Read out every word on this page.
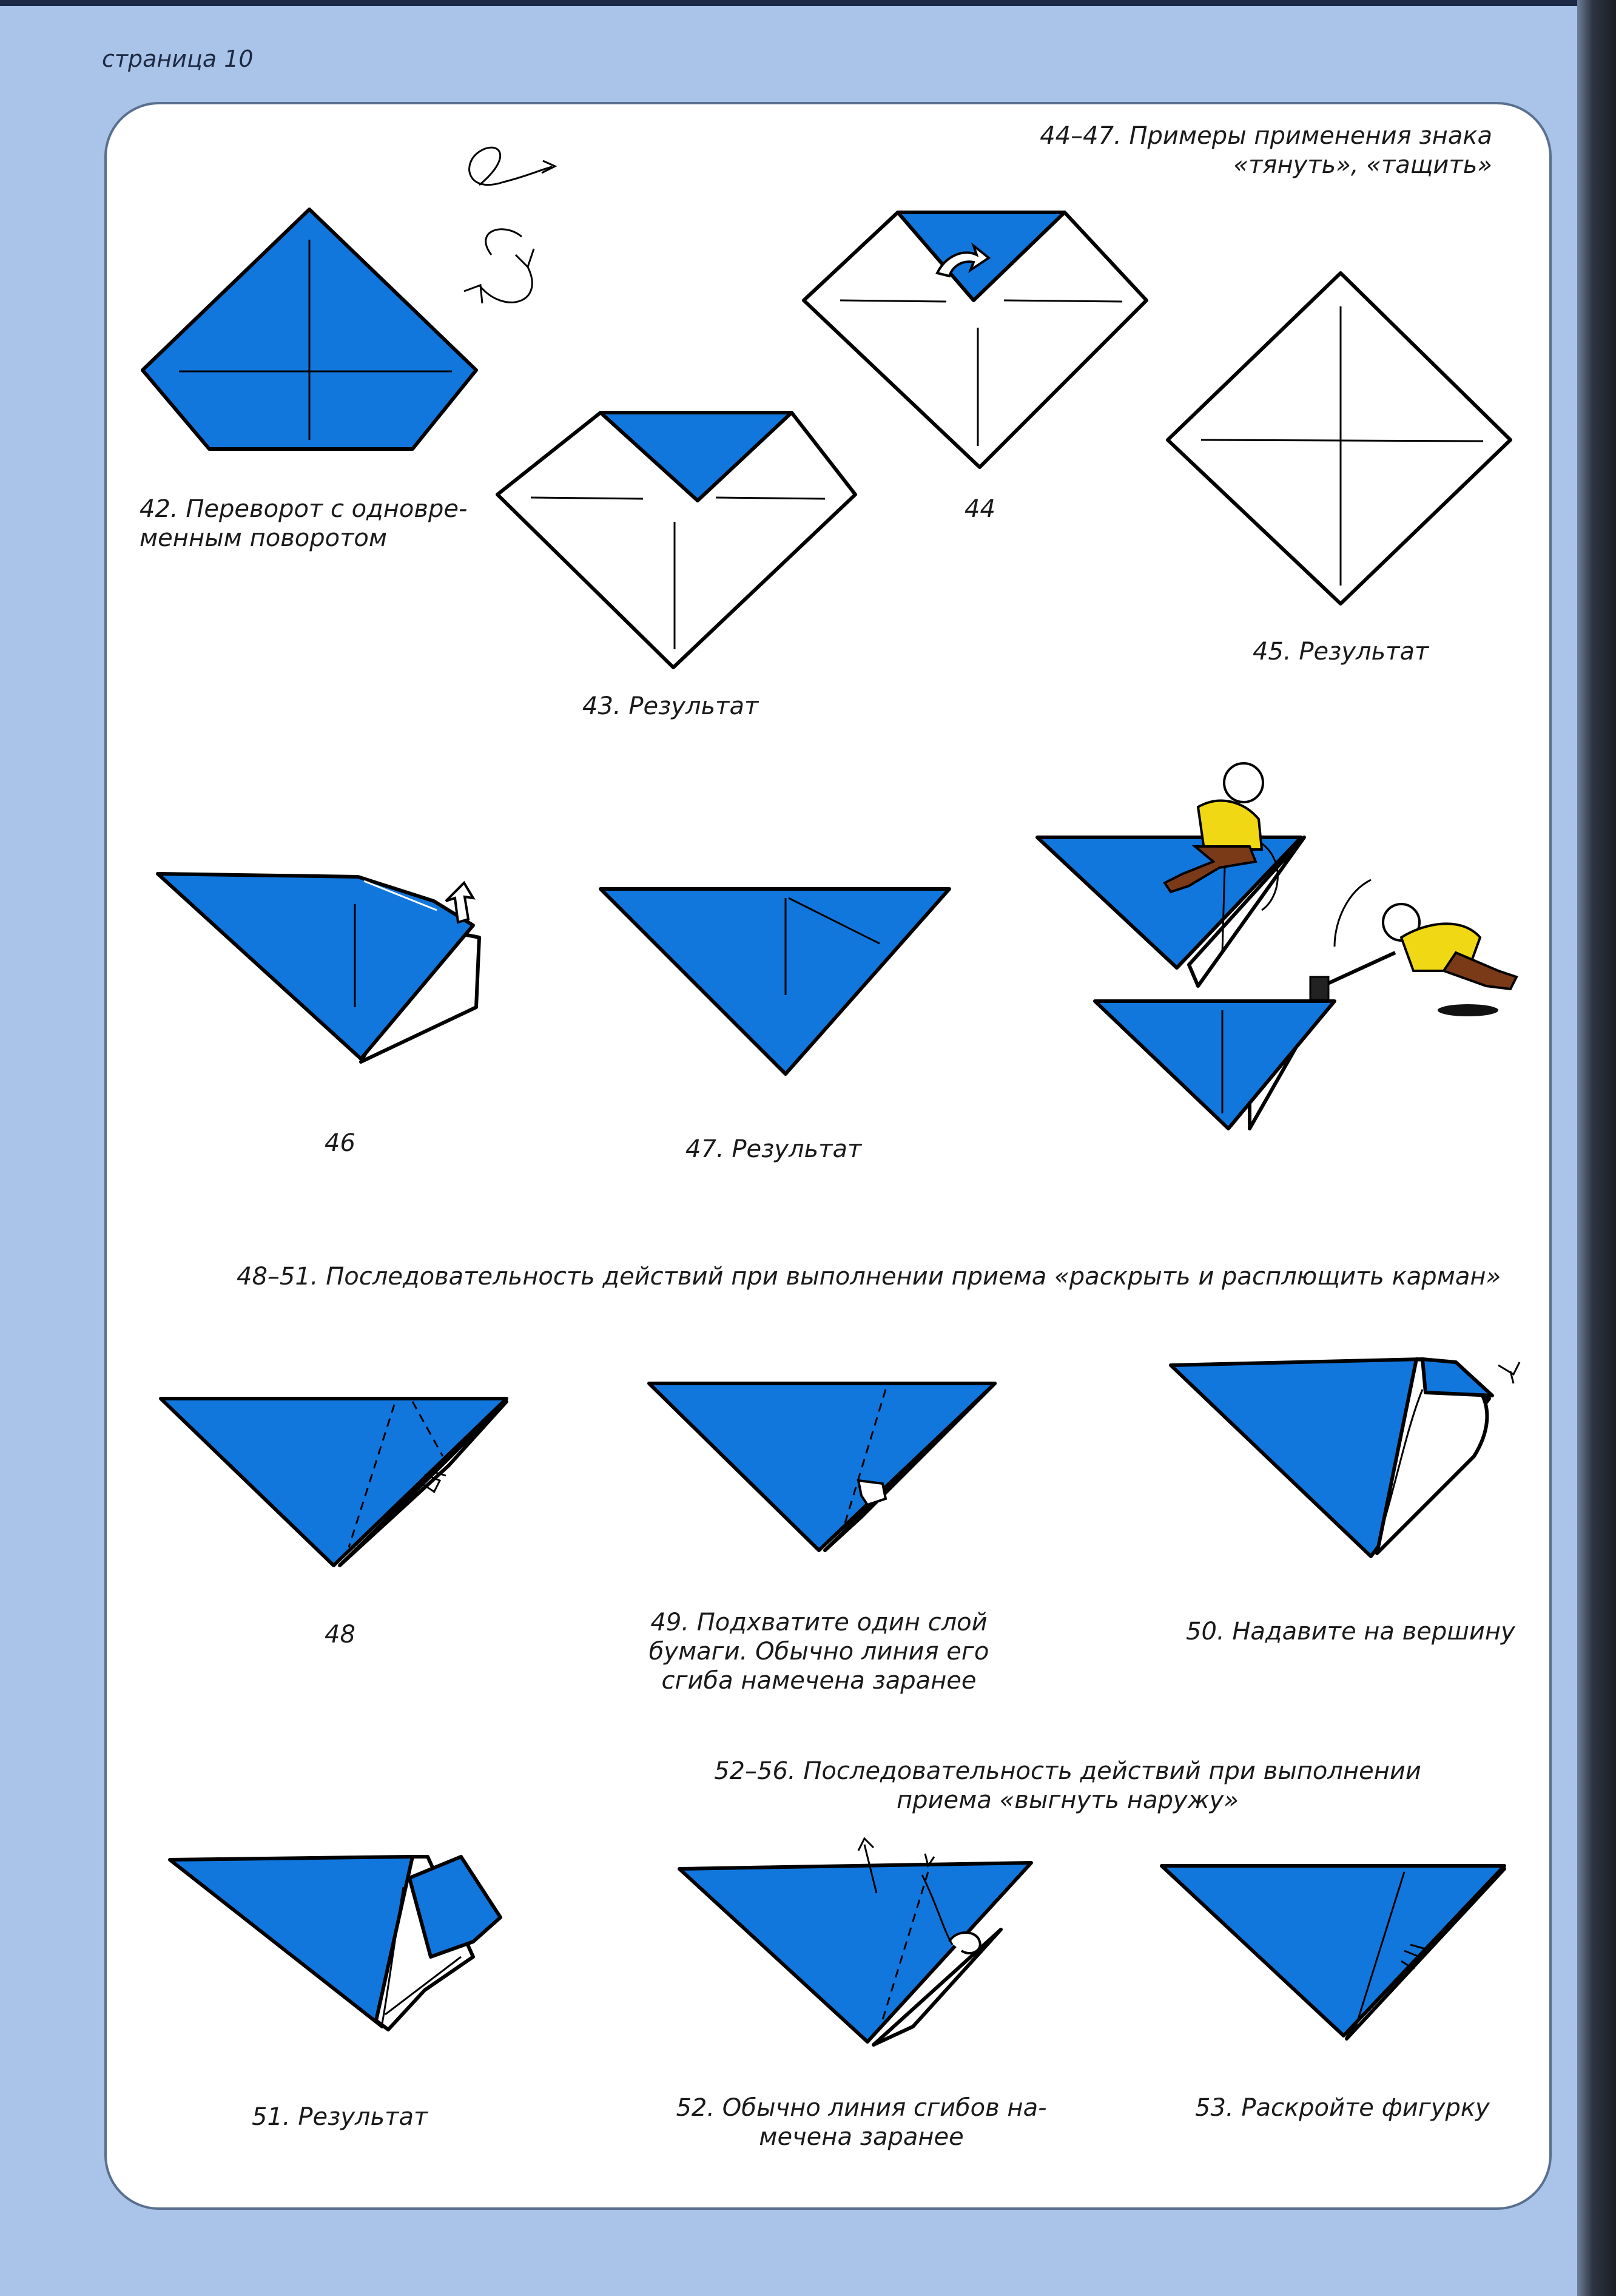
страница 10
42. Переворот с одновре-
менным поворотом
43. Результат
44–47. Примеры применения знака
«тянуть», «тащить»
44
45. Результат
46	47. Результат
48–51. Последовательность действий при выполнении приема «раскрыть и расплющить карман»
48	49. Подхватите один слой
бумаги. Обычно линия его
сгиба намечена заранее
50. Надавите на вершину
52–56. Последовательность действий при выполнении
приема «выгнуть наружу»
51. Результат	52. Обычно линия сгибов на-
мечена заранее
53. Раскройте фигурку
